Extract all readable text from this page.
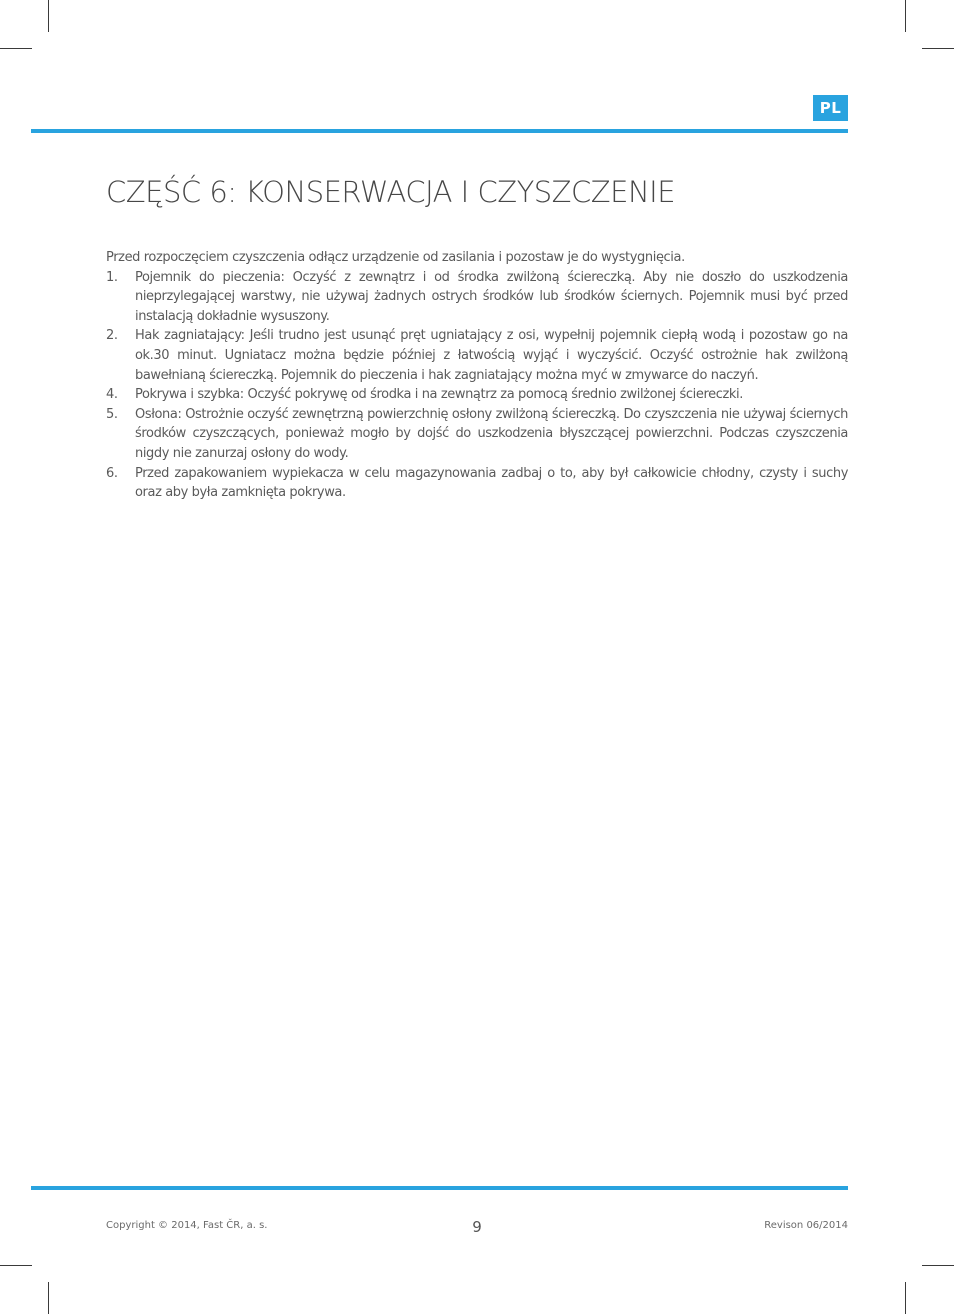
PL
CZĘŚĆ 6: KONSERWACJA I CZYSZCZENIE

Przed rozpoczęciem czyszczenia odłącz urządzenie od zasilania i pozostaw je do wystygnięcia.

1. Pojemnik do pieczenia: Oczyść z zewnątrz i od środka zwilżoną ściereczką. Aby nie doszło do uszkodzenia nieprzylegającej warstwy, nie używaj żadnych ostrych środków lub środków ściernych. Pojemnik musi być przed instalacją dokładnie wysuszony.
2. Hak zagniatający: Jeśli trudno jest usunąć pręt ugniatający z osi, wypełnij pojemnik ciepłą wodą i pozostaw go na ok.30 minut. Ugniatacz można będzie później z łatwością wyjąć i wyczyścić. Oczyść ostrożnie hak zwilżoną bawełnianą ściereczką. Pojemnik do pieczenia i hak zagniatający można myć w zmywarce do naczyń.
4. Pokrywa i szybka: Oczyść pokrywę od środka i na zewnątrz za pomocą średnio zwilżonej ściereczki.
5. Osłona: Ostrożnie oczyść zewnętrzną powierzchnię osłony zwilżoną ściereczką. Do czyszczenia nie używaj ściernych środków czyszczących, ponieważ mogło by dojść do uszkodzenia błyszczącej powierzchni. Podczas czyszczenia nigdy nie zanurzaj osłony do wody.
6. Przed zapakowaniem wypiekacza w celu magazynowania zadbaj o to, aby był całkowicie chłodny, czysty i suchy oraz aby była zamknięta pokrywa.
Copyright © 2014, Fast ČR, a. s.	9	Revison 06/2014
